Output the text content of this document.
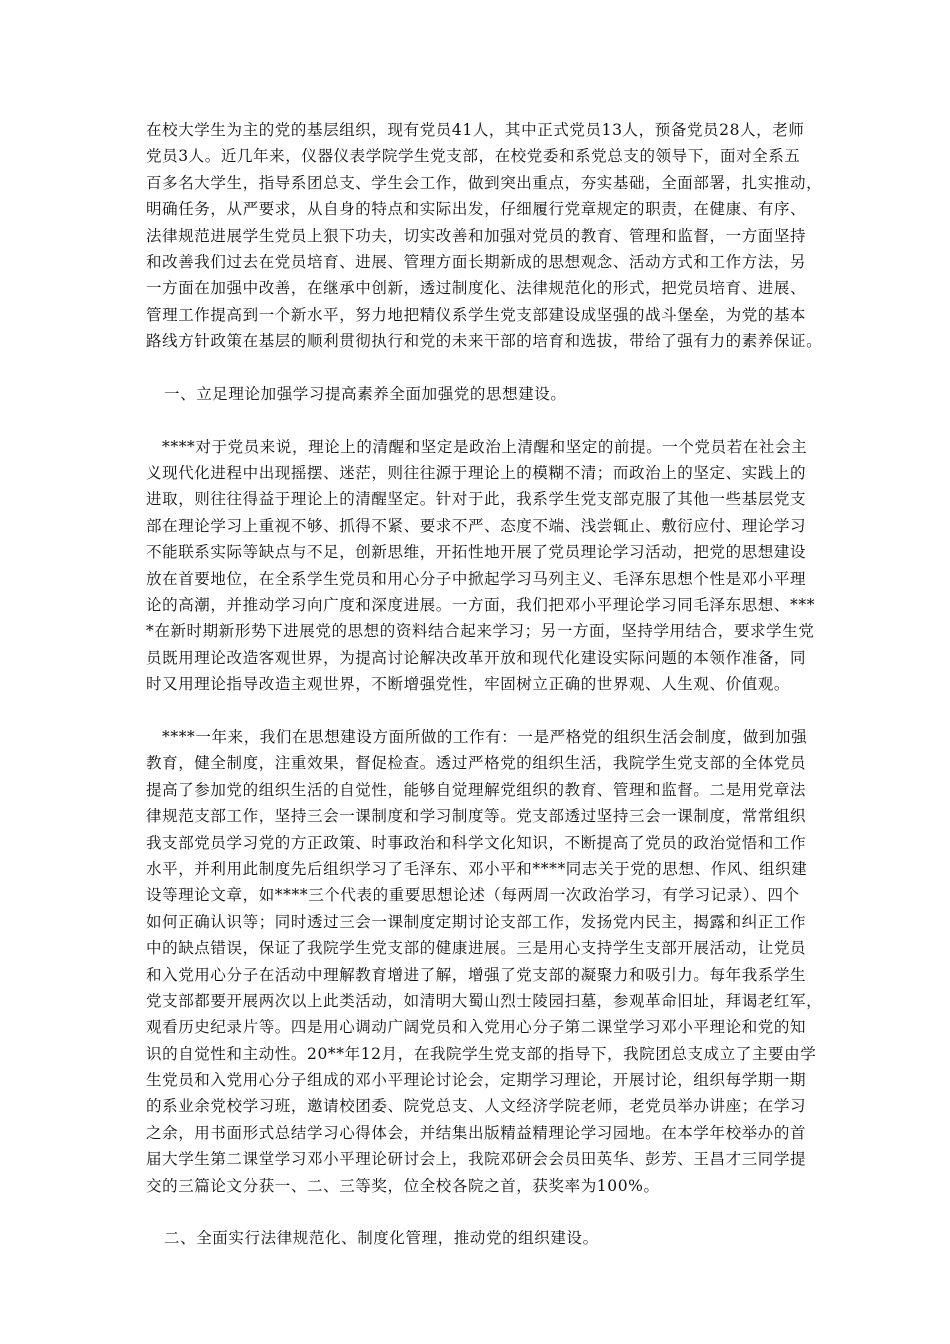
在校大学生为主的党的基层组织，现有党员41人，其中正式党员13人，预备党员28人，老师
党员3人。近几年来，仪器仪表学院学生党支部，在校党委和系党总支的领导下，面对全系五
百多名大学生，指导系团总支、学生会工作，做到突出重点，夯实基础，全面部署，扎实推动，
明确任务，从严要求，从自身的特点和实际出发，仔细履行党章规定的职责，在健康、有序、
法律规范进展学生党员上狠下功夫，切实改善和加强对党员的教育、管理和监督，一方面坚持
和改善我们过去在党员培育、进展、管理方面长期新成的思想观念、活动方式和工作方法，另
一方面在加强中改善，在继承中创新，透过制度化、法律规范化的形式，把党员培育、进展、
管理工作提高到一个新水平，努力地把精仪系学生党支部建设成坚强的战斗堡垒，为党的基本
路线方针政策在基层的顺利贯彻执行和党的未来干部的培育和选拔，带给了强有力的素养保证。
一、立足理论加强学习提高素养全面加强党的思想建设。
****对于党员来说，理论上的清醒和坚定是政治上清醒和坚定的前提。一个党员若在社会主
义现代化进程中出现摇摆、迷茫，则往往源于理论上的模糊不清；而政治上的坚定、实践上的
进取，则往往得益于理论上的清醒坚定。针对于此，我系学生党支部克服了其他一些基层党支
部在理论学习上重视不够、抓得不紧、要求不严、态度不端、浅尝辄止、敷衍应付、理论学习
不能联系实际等缺点与不足，创新思维，开拓性地开展了党员理论学习活动，把党的思想建设
放在首要地位，在全系学生党员和用心分子中掀起学习马列主义、毛泽东思想个性是邓小平理
论的高潮，并推动学习向广度和深度进展。一方面，我们把邓小平理论学习同毛泽东思想、***
*在新时期新形势下进展党的思想的资料结合起来学习；另一方面，坚持学用结合，要求学生党
员既用理论改造客观世界，为提高讨论解决改革开放和现代化建设实际问题的本领作准备，同
时又用理论指导改造主观世界，不断增强党性，牢固树立正确的世界观、人生观、价值观。
****一年来，我们在思想建设方面所做的工作有：一是严格党的组织生活会制度，做到加强
教育，健全制度，注重效果，督促检查。透过严格党的组织生活，我院学生党支部的全体党员
提高了参加党的组织生活的自觉性，能够自觉理解党组织的教育、管理和监督。二是用党章法
律规范支部工作，坚持三会一课制度和学习制度等。党支部透过坚持三会一课制度，常常组织
我支部党员学习党的方正政策、时事政治和科学文化知识，不断提高了党员的政治觉悟和工作
水平，并利用此制度先后组织学习了毛泽东、邓小平和****同志关于党的思想、作风、组织建
设等理论文章，如****三个代表的重要思想论述（每两周一次政治学习，有学习记录）、四个
如何正确认识等；同时透过三会一课制度定期讨论支部工作，发扬党内民主，揭露和纠正工作
中的缺点错误，保证了我院学生党支部的健康进展。三是用心支持学生支部开展活动，让党员
和入党用心分子在活动中理解教育增进了解，增强了党支部的凝聚力和吸引力。每年我系学生
党支部都要开展两次以上此类活动，如清明大蜀山烈士陵园扫墓，参观革命旧址，拜谒老红军，
观看历史纪录片等。四是用心调动广阔党员和入党用心分子第二课堂学习邓小平理论和党的知
识的自觉性和主动性。20**年12月，在我院学生党支部的指导下，我院团总支成立了主要由学
生党员和入党用心分子组成的邓小平理论讨论会，定期学习理论，开展讨论，组织每学期一期
的系业余党校学习班，邀请校团委、院党总支、人文经济学院老师，老党员举办讲座；在学习
之余，用书面形式总结学习心得体会，并结集出版精益精理论学习园地。在本学年校举办的首
届大学生第二课堂学习邓小平理论研讨会上，我院邓研会会员田英华、彭芳、王昌才三同学提
交的三篇论文分获一、二、三等奖，位全校各院之首，获奖率为100%。
二、全面实行法律规范化、制度化管理，推动党的组织建设。
